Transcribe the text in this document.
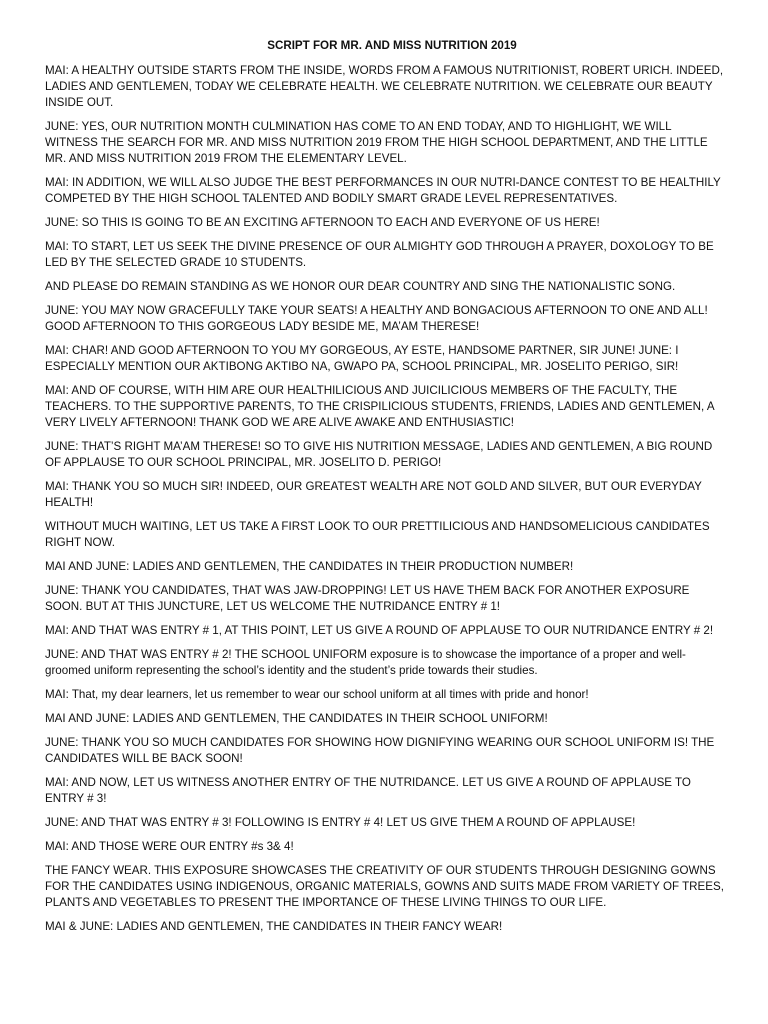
SCRIPT FOR MR. AND MISS NUTRITION 2019

MAI: A HEALTHY OUTSIDE STARTS FROM THE INSIDE, WORDS FROM A FAMOUS NUTRITIONIST, ROBERT URICH. INDEED, LADIES AND GENTLEMEN, TODAY WE CELEBRATE HEALTH. WE CELEBRATE NUTRITION. WE CELEBRATE OUR BEAUTY INSIDE OUT.

JUNE: YES, OUR NUTRITION MONTH CULMINATION HAS COME TO AN END TODAY, AND TO HIGHLIGHT, WE WILL WITNESS THE SEARCH FOR MR. AND MISS NUTRITION 2019 FROM THE HIGH SCHOOL DEPARTMENT, AND THE LITTLE MR. AND MISS NUTRITION 2019 FROM THE ELEMENTARY LEVEL.

MAI: IN ADDITION, WE WILL ALSO JUDGE THE BEST PERFORMANCES IN OUR NUTRI-DANCE CONTEST TO BE HEALTHILY COMPETED BY THE HIGH SCHOOL TALENTED AND BODILY SMART GRADE LEVEL REPRESENTATIVES.

JUNE: SO THIS IS GOING TO BE AN EXCITING AFTERNOON TO EACH AND EVERYONE OF US HERE!

MAI: TO START, LET US SEEK THE DIVINE PRESENCE OF OUR ALMIGHTY GOD THROUGH A PRAYER, DOXOLOGY TO BE LED BY THE SELECTED GRADE 10 STUDENTS.

AND PLEASE DO REMAIN STANDING AS WE HONOR OUR DEAR COUNTRY AND SING THE NATIONALISTIC SONG.

JUNE: YOU MAY NOW GRACEFULLY TAKE YOUR SEATS! A HEALTHY AND BONGACIOUS AFTERNOON TO ONE AND ALL! GOOD AFTERNOON TO THIS GORGEOUS LADY BESIDE ME, MA’AM THERESE!

MAI: CHAR! AND GOOD AFTERNOON TO YOU MY GORGEOUS, AY ESTE, HANDSOME PARTNER, SIR JUNE! JUNE: I ESPECIALLY MENTION OUR AKTIBONG AKTIBO NA, GWAPO PA, SCHOOL PRINCIPAL, MR. JOSELITO PERIGO, SIR!

MAI: AND OF COURSE, WITH HIM ARE OUR HEALTHILICIOUS AND JUICILICIOUS MEMBERS OF THE FACULTY, THE TEACHERS. TO THE SUPPORTIVE PARENTS, TO THE CRISPILICIOUS STUDENTS, FRIENDS, LADIES AND GENTLEMEN, A VERY LIVELY AFTERNOON! THANK GOD WE ARE ALIVE AWAKE AND ENTHUSIASTIC!

JUNE: THAT’S RIGHT MA’AM THERESE! SO TO GIVE HIS NUTRITION MESSAGE, LADIES AND GENTLEMEN, A BIG ROUND OF APPLAUSE TO OUR SCHOOL PRINCIPAL, MR. JOSELITO D. PERIGO!

MAI: THANK YOU SO MUCH SIR! INDEED, OUR GREATEST WEALTH ARE NOT GOLD AND SILVER, BUT OUR EVERYDAY HEALTH!

WITHOUT MUCH WAITING, LET US TAKE A FIRST LOOK TO OUR PRETTILICIOUS AND HANDSOMELICIOUS CANDIDATES RIGHT NOW.

MAI AND JUNE: LADIES AND GENTLEMEN, THE CANDIDATES IN THEIR PRODUCTION NUMBER!

JUNE: THANK YOU CANDIDATES, THAT WAS JAW-DROPPING! LET US HAVE THEM BACK FOR ANOTHER EXPOSURE SOON. BUT AT THIS JUNCTURE, LET US WELCOME THE NUTRIDANCE ENTRY # 1!

MAI: AND THAT WAS ENTRY # 1, AT THIS POINT, LET US GIVE A ROUND OF APPLAUSE TO OUR NUTRIDANCE ENTRY # 2!

JUNE: AND THAT WAS ENTRY # 2! THE SCHOOL UNIFORM exposure is to showcase the importance of a proper and well-groomed uniform representing the school’s identity and the student’s pride towards their studies.

MAI: That, my dear learners, let us remember to wear our school uniform at all times with pride and honor!

MAI AND JUNE: LADIES AND GENTLEMEN, THE CANDIDATES IN THEIR SCHOOL UNIFORM!

JUNE: THANK YOU SO MUCH CANDIDATES FOR SHOWING HOW DIGNIFYING WEARING OUR SCHOOL UNIFORM IS! THE CANDIDATES WILL BE BACK SOON!

MAI: AND NOW, LET US WITNESS ANOTHER ENTRY OF THE NUTRIDANCE. LET US GIVE A ROUND OF APPLAUSE TO ENTRY # 3!

JUNE: AND THAT WAS ENTRY # 3! FOLLOWING IS ENTRY # 4! LET US GIVE THEM A ROUND OF APPLAUSE!

MAI: AND THOSE WERE OUR ENTRY #s 3& 4!

THE FANCY WEAR. THIS EXPOSURE SHOWCASES THE CREATIVITY OF OUR STUDENTS THROUGH DESIGNING GOWNS FOR THE CANDIDATES USING INDIGENOUS, ORGANIC MATERIALS, GOWNS AND SUITS MADE FROM VARIETY OF TREES, PLANTS AND VEGETABLES TO PRESENT THE IMPORTANCE OF THESE LIVING THINGS TO OUR LIFE.

MAI & JUNE: LADIES AND GENTLEMEN, THE CANDIDATES IN THEIR FANCY WEAR!
